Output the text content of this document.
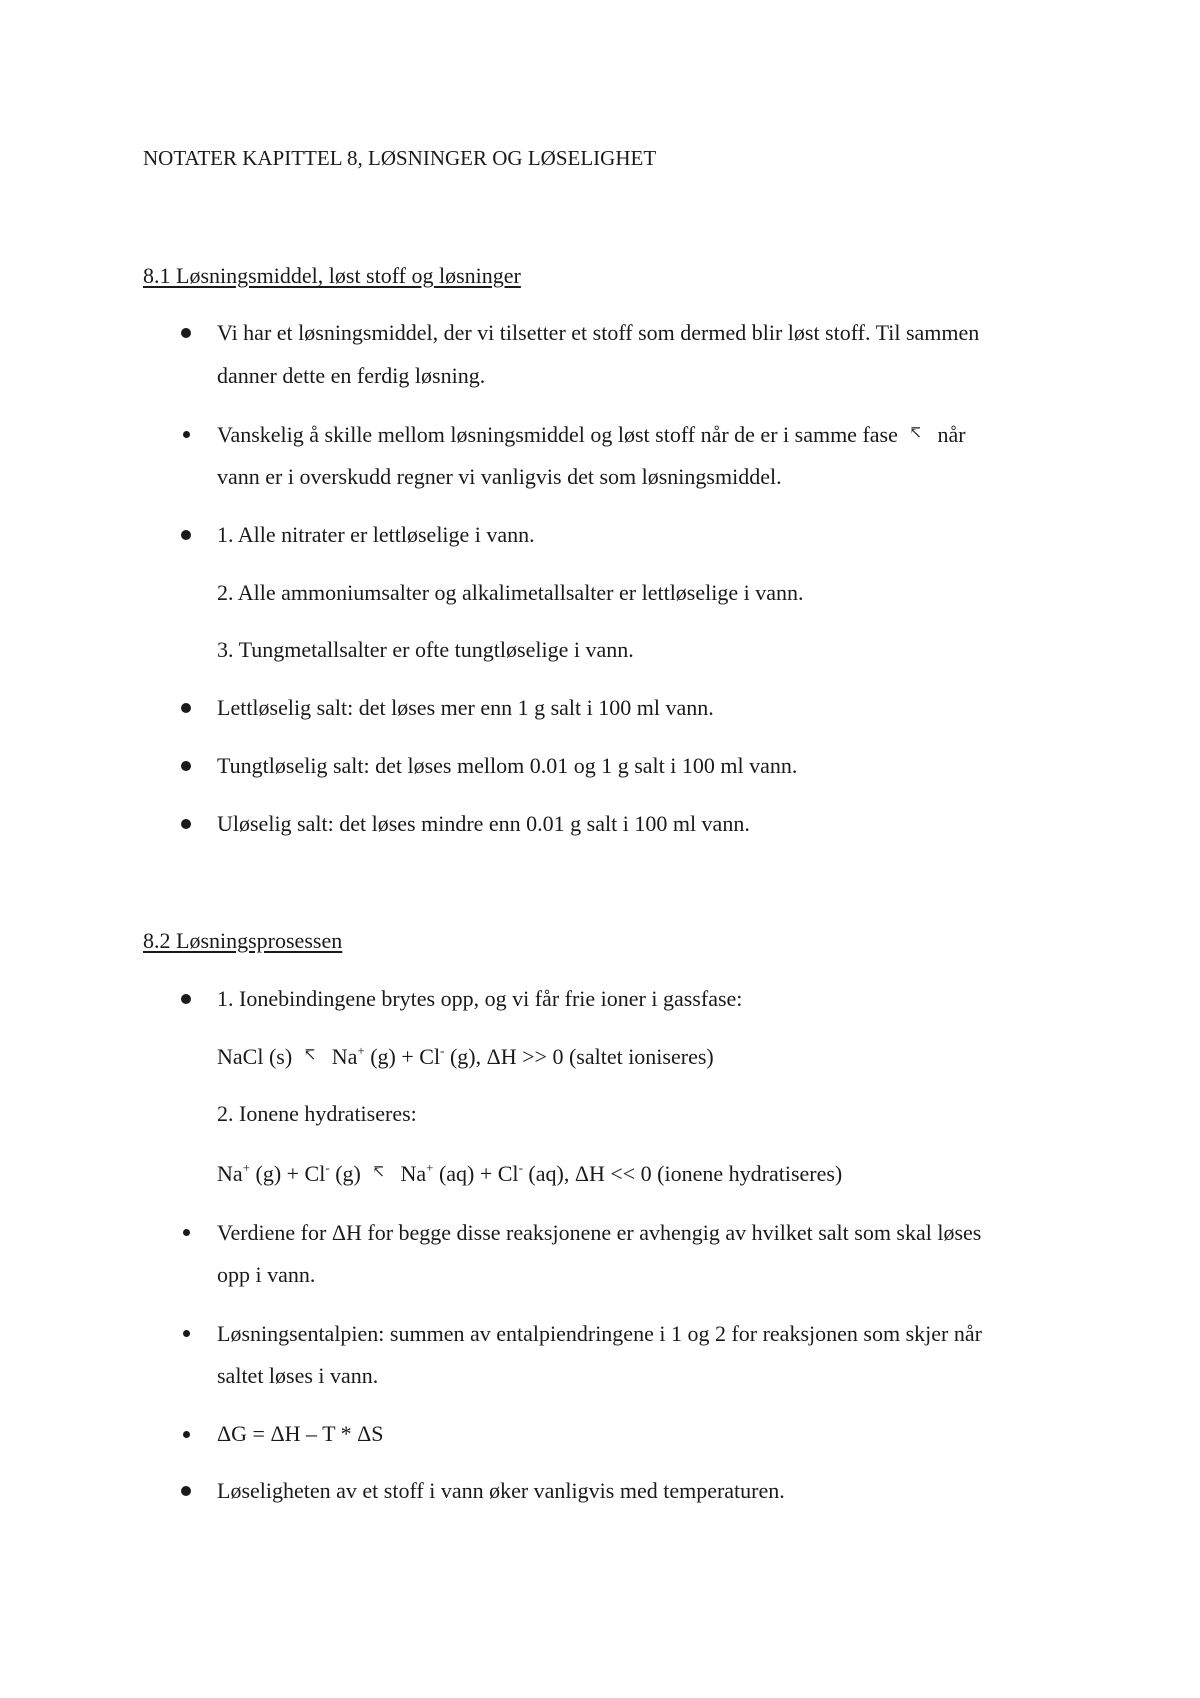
NOTATER KAPITTEL 8, LØSNINGER OG LØSELIGHET
8.1 Løsningsmiddel, løst stoff og løsninger
Vi har et løsningsmiddel, der vi tilsetter et stoff som dermed blir løst stoff. Til sammen
danner dette en ferdig løsning.
Vanskelig å skille mellom løsningsmiddel og løst stoff når de er i samme fase ↸ når
vann er i overskudd regner vi vanligvis det som løsningsmiddel.
1. Alle nitrater er lettløselige i vann.
2. Alle ammoniumsalter og alkalimetallsalter er lettløselige i vann.
3. Tungmetallsalter er ofte tungtløselige i vann.
Lettløselig salt: det løses mer enn 1 g salt i 100 ml vann.
Tungtløselig salt: det løses mellom 0.01 og 1 g salt i 100 ml vann.
Uløselig salt: det løses mindre enn 0.01 g salt i 100 ml vann.
8.2 Løsningsprosessen
1. Ionebindingene brytes opp, og vi får frie ioner i gassfase:
NaCl (s) ↸ Na+ (g) + Cl- (g), ΔH >> 0 (saltet ioniseres)
2. Ionene hydratiseres:
Na+ (g) + Cl- (g) ↸ Na+ (aq) + Cl- (aq), ΔH << 0 (ionene hydratiseres)
Verdiene for ΔH for begge disse reaksjonene er avhengig av hvilket salt som skal løses
opp i vann.
Løsningsentalpien: summen av entalpiendringene i 1 og 2 for reaksjonen som skjer når
saltet løses i vann.
ΔG = ΔH – T * ΔS
Løseligheten av et stoff i vann øker vanligvis med temperaturen.
